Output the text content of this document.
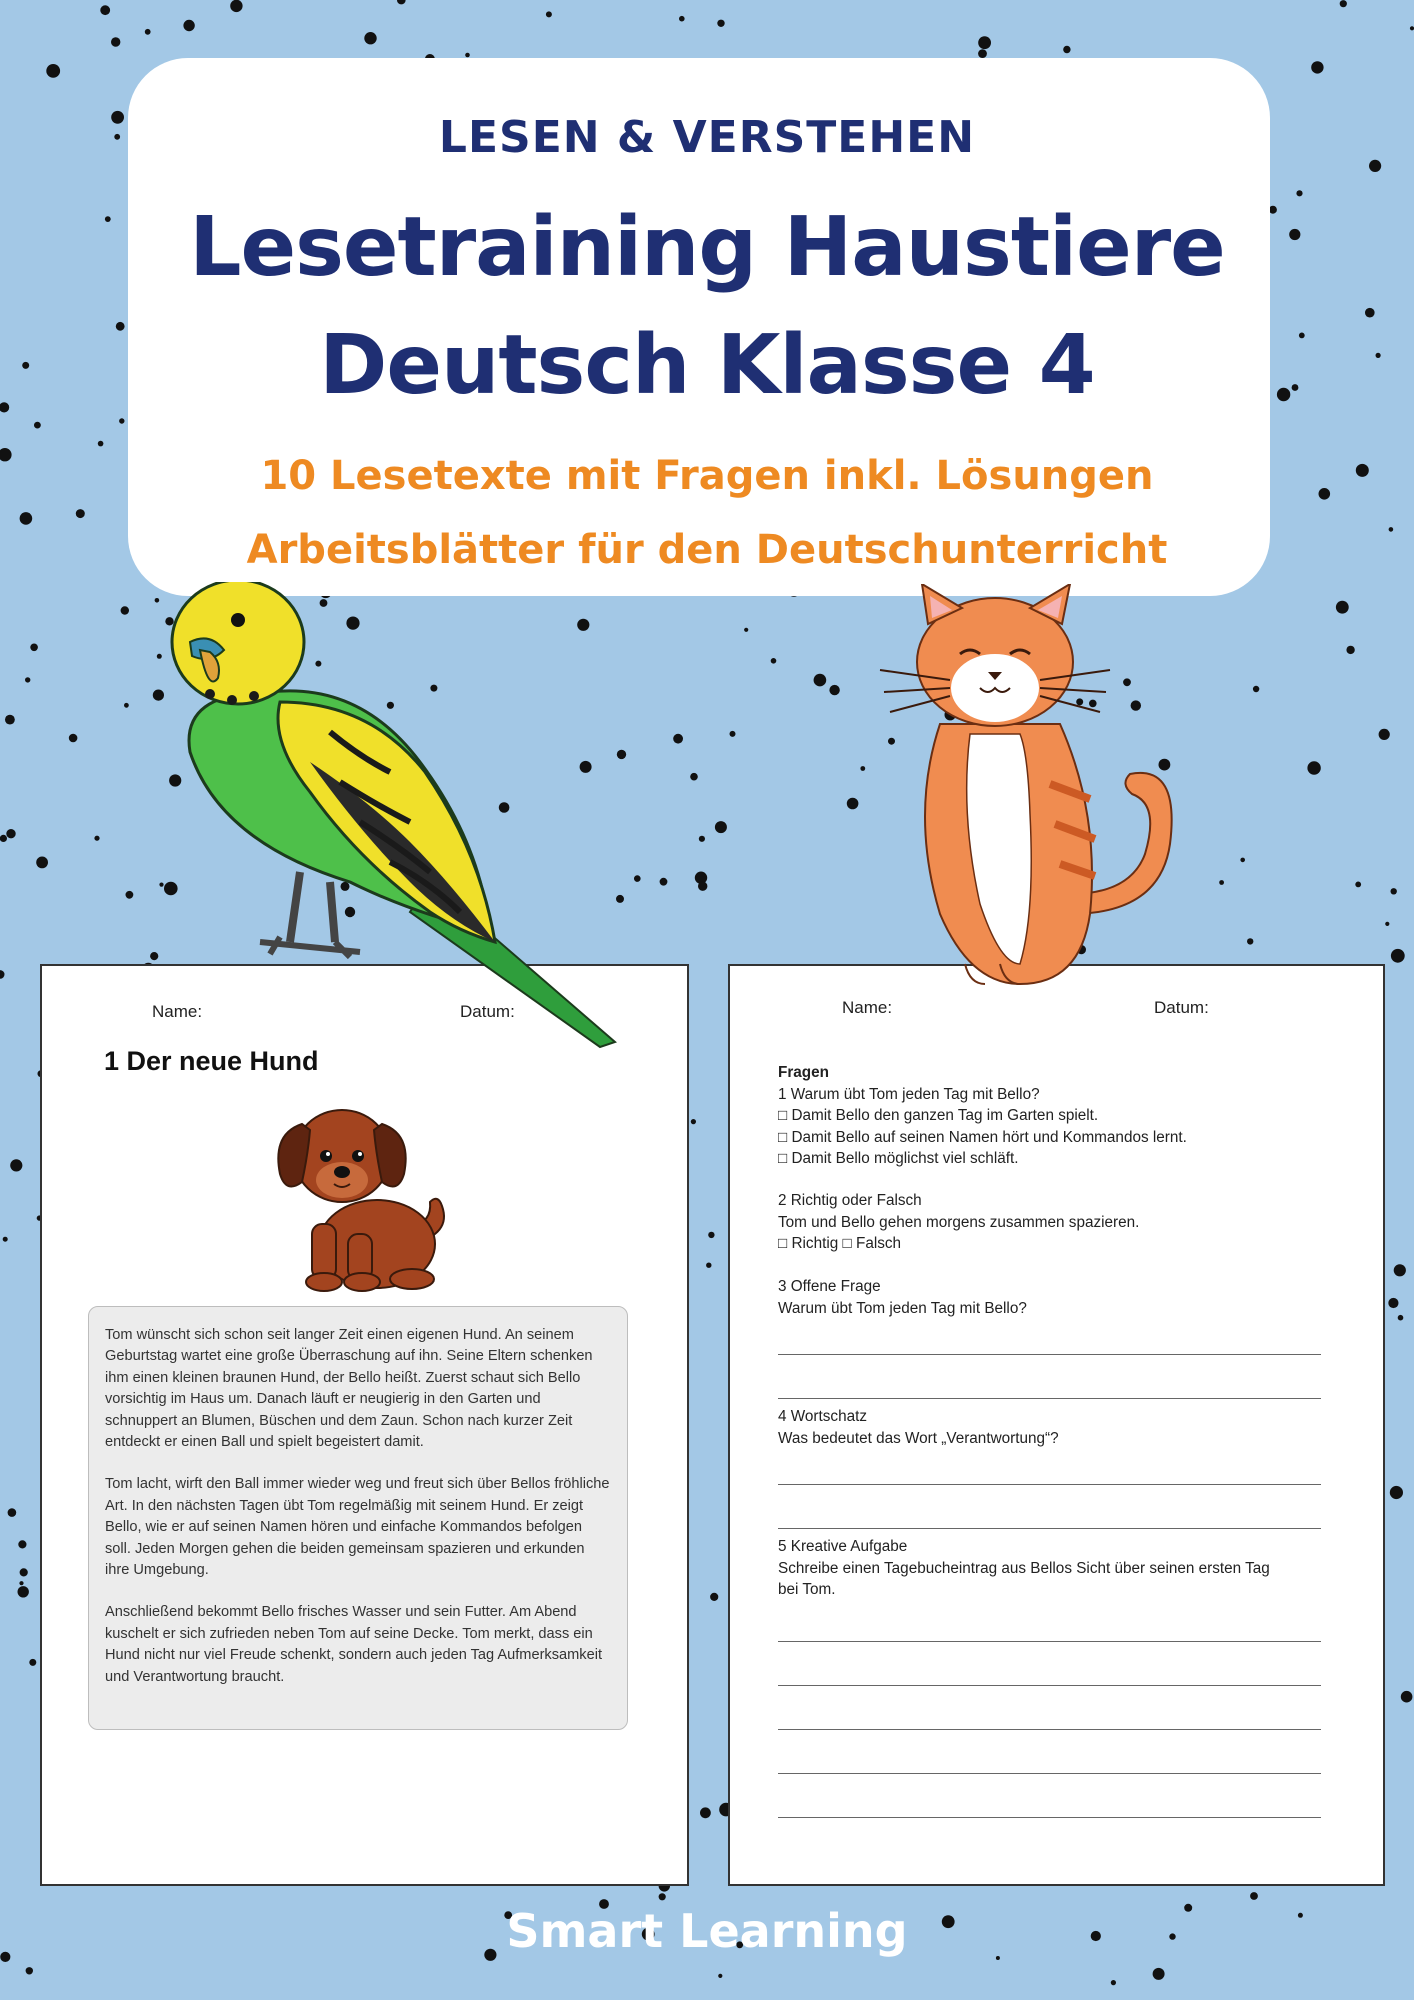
LESEN & VERSTEHEN
Lesetraining Haustiere
Deutsch Klasse 4
10 Lesetexte mit Fragen inkl. Lösungen
Arbeitsblätter für den Deutschunterricht
Name:	Datum:
1 Der neue Hund

Tom wünscht sich schon seit langer Zeit einen eigenen Hund. An seinem Geburtstag wartet eine große Überraschung auf ihn. Seine Eltern schenken ihm einen kleinen braunen Hund, der Bello heißt. Zuerst schaut sich Bello vorsichtig im Haus um. Danach läuft er neugierig in den Garten und schnuppert an Blumen, Büschen und dem Zaun. Schon nach kurzer Zeit entdeckt er einen Ball und spielt begeistert damit.

Tom lacht, wirft den Ball immer wieder weg und freut sich über Bellos fröhliche Art. In den nächsten Tagen übt Tom regelmäßig mit seinem Hund. Er zeigt Bello, wie er auf seinen Namen hören und einfache Kommandos befolgen soll. Jeden Morgen gehen die beiden gemeinsam spazieren und erkunden ihre Umgebung.

Anschließend bekommt Bello frisches Wasser und sein Futter. Am Abend kuschelt er sich zufrieden neben Tom auf seine Decke. Tom merkt, dass ein Hund nicht nur viel Freude schenkt, sondern auch jeden Tag Aufmerksamkeit und Verantwortung braucht.

Name:	Datum:
Fragen
1 Warum übt Tom jeden Tag mit Bello?
□ Damit Bello den ganzen Tag im Garten spielt.
□ Damit Bello auf seinen Namen hört und Kommandos lernt.
□ Damit Bello möglichst viel schläft.
2 Richtig oder Falsch
Tom und Bello gehen morgens zusammen spazieren.
□ Richtig □ Falsch
3 Offene Frage
Warum übt Tom jeden Tag mit Bello?
4 Wortschatz
Was bedeutet das Wort „Verantwortung“?
5 Kreative Aufgabe
Schreibe einen Tagebucheintrag aus Bellos Sicht über seinen ersten Tag bei Tom.
Smart Learning
